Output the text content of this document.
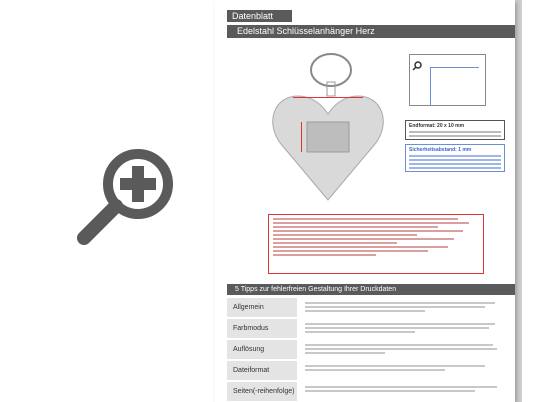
Datenblatt
Edelstahl Schlüsselanhänger Herz
Endformat: 20 x 10 mm
Sicherheitsabstand: 1 mm
5 Tipps zur fehlerfreien Gestaltung Ihrer Druckdaten
Allgemein
Farbmodus
Auflösung
Dateiformat
Seiten(-reihenfolge)
